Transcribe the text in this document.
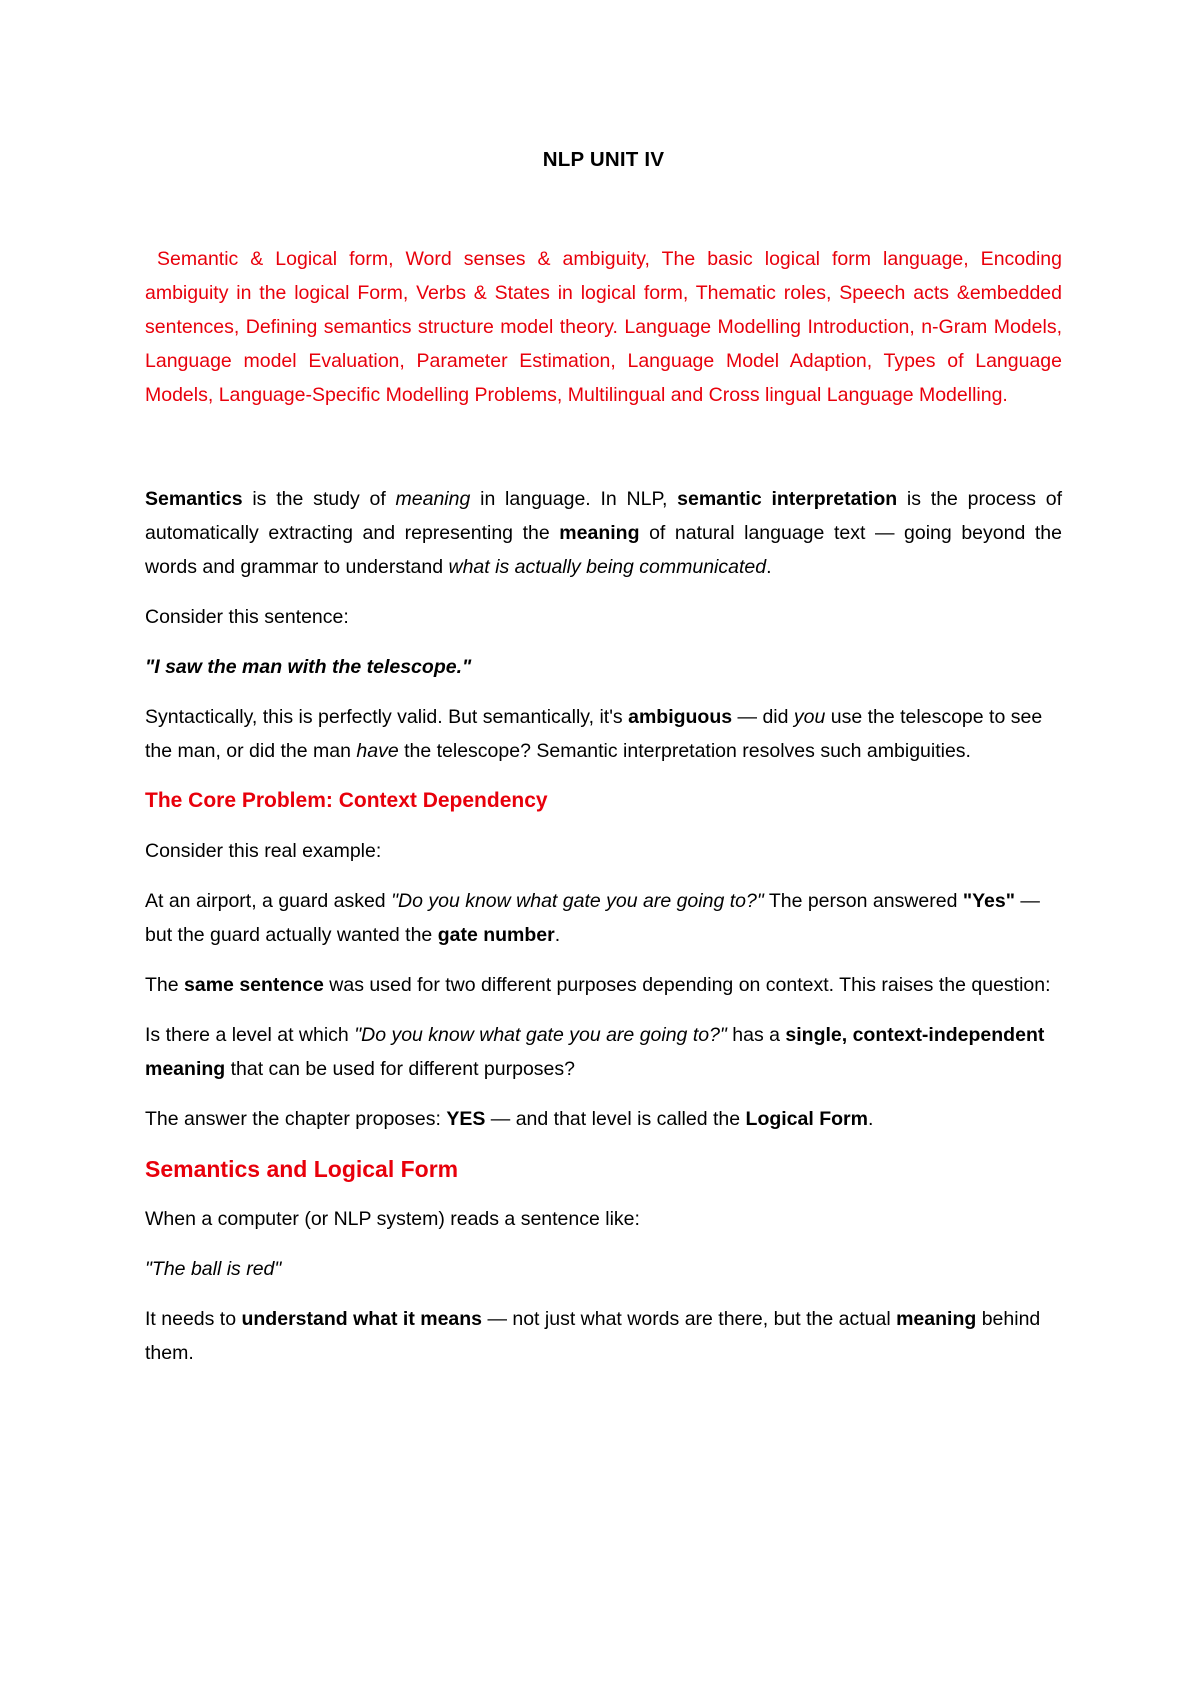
NLP UNIT IV
Semantic & Logical form, Word senses & ambiguity, The basic logical form language, Encoding ambiguity in the logical Form, Verbs & States in logical form, Thematic roles, Speech acts &embedded sentences, Defining semantics structure model theory. Language Modelling Introduction, n-Gram Models, Language model Evaluation, Parameter Estimation, Language Model Adaption, Types of Language Models, Language-Specific Modelling Problems, Multilingual and Cross lingual Language Modelling.

Semantics is the study of meaning in language. In NLP, semantic interpretation is the process of automatically extracting and representing the meaning of natural language text — going beyond the words and grammar to understand what is actually being communicated.

Consider this sentence:

"I saw the man with the telescope."

Syntactically, this is perfectly valid. But semantically, it's ambiguous — did you use the telescope to see the man, or did the man have the telescope? Semantic interpretation resolves such ambiguities.

The Core Problem: Context Dependency

Consider this real example:

At an airport, a guard asked "Do you know what gate you are going to?" The person answered "Yes" — but the guard actually wanted the gate number.

The same sentence was used for two different purposes depending on context. This raises the question:

Is there a level at which "Do you know what gate you are going to?" has a single, context-independent meaning that can be used for different purposes?

The answer the chapter proposes: YES — and that level is called the Logical Form.

Semantics and Logical Form

When a computer (or NLP system) reads a sentence like:

"The ball is red"

It needs to understand what it means — not just what words are there, but the actual meaning behind them.
